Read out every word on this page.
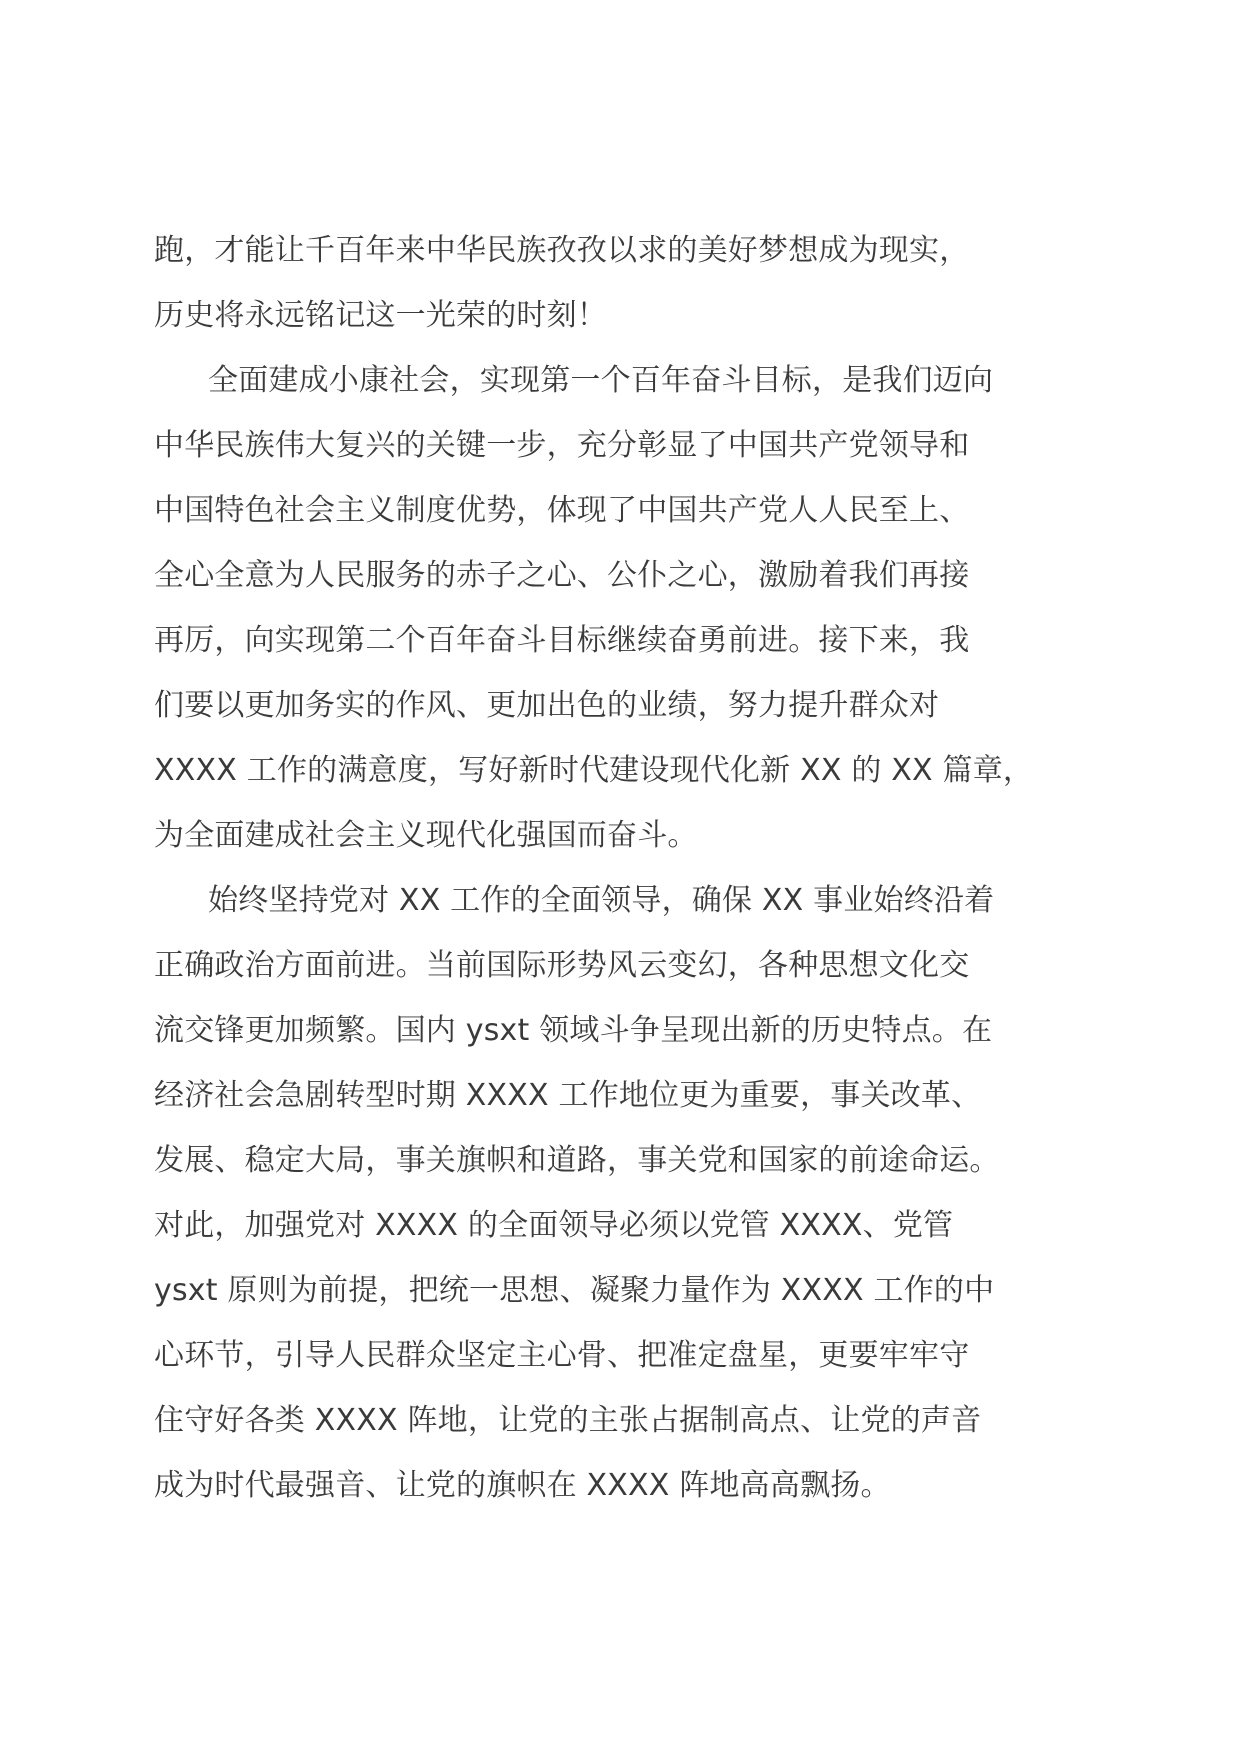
跑，才能让千百年来中华民族孜孜以求的美好梦想成为现实，
历史将永远铭记这一光荣的时刻！
全面建成小康社会，实现第一个百年奋斗目标，是我们迈向
中华民族伟大复兴的关键一步，充分彰显了中国共产党领导和
中国特色社会主义制度优势，体现了中国共产党人人民至上、
全心全意为人民服务的赤子之心、公仆之心，激励着我们再接
再厉，向实现第二个百年奋斗目标继续奋勇前进。接下来，我
们要以更加务实的作风、更加出色的业绩，努力提升群众对
XXXX 工作的满意度，写好新时代建设现代化新 XX 的 XX 篇章，
为全面建成社会主义现代化强国而奋斗。
始终坚持党对 XX 工作的全面领导，确保 XX 事业始终沿着
正确政治方面前进。当前国际形势风云变幻，各种思想文化交
流交锋更加频繁。国内 ysxt 领域斗争呈现出新的历史特点。在
经济社会急剧转型时期 XXXX 工作地位更为重要，事关改革、
发展、稳定大局，事关旗帜和道路，事关党和国家的前途命运。
对此，加强党对 XXXX 的全面领导必须以党管 XXXX、党管
ysxt 原则为前提，把统一思想、凝聚力量作为 XXXX 工作的中
心环节，引导人民群众坚定主心骨、把准定盘星，更要牢牢守
住守好各类 XXXX 阵地，让党的主张占据制高点、让党的声音
成为时代最强音、让党的旗帜在 XXXX 阵地高高飘扬。
